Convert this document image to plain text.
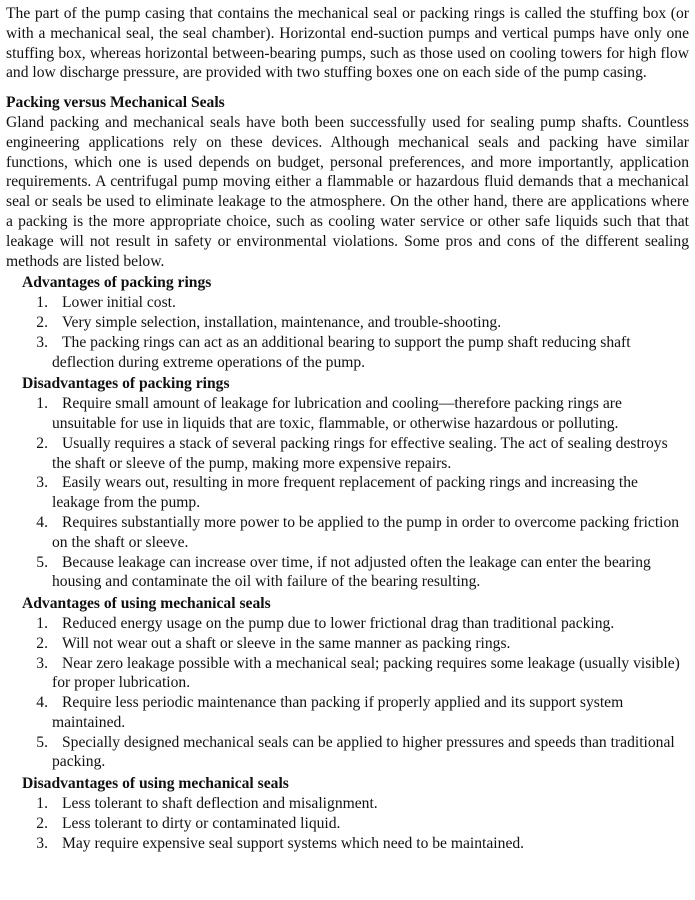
The part of the pump casing that contains the mechanical seal or packing rings is called the stuffing box (or with a mechanical seal, the seal chamber). Horizontal end-suction pumps and vertical pumps have only one stuffing box, whereas horizontal between-bearing pumps, such as those used on cooling towers for high flow and low discharge pressure, are provided with two stuffing boxes one on each side of the pump casing.

Packing versus Mechanical Seals

Gland packing and mechanical seals have both been successfully used for sealing pump shafts. Countless engineering applications rely on these devices. Although mechanical seals and packing have similar functions, which one is used depends on budget, personal preferences, and more importantly, application requirements. A centrifugal pump moving either a flammable or hazardous fluid demands that a mechanical seal or seals be used to eliminate leakage to the atmosphere. On the other hand, there are applications where a packing is the more appropriate choice, such as cooling water service or other safe liquids such that that leakage will not result in safety or environmental violations. Some pros and cons of the different sealing methods are listed below.

Advantages of packing rings
1. Lower initial cost.
2. Very simple selection, installation, maintenance, and trouble-shooting.
3. The packing rings can act as an additional bearing to support the pump shaft reducing shaft deflection during extreme operations of the pump.
Disadvantages of packing rings
1. Require small amount of leakage for lubrication and cooling—therefore packing rings are unsuitable for use in liquids that are toxic, flammable, or otherwise hazardous or polluting.
2. Usually requires a stack of several packing rings for effective sealing. The act of sealing destroys the shaft or sleeve of the pump, making more expensive repairs.
3. Easily wears out, resulting in more frequent replacement of packing rings and increasing the leakage from the pump.
4. Requires substantially more power to be applied to the pump in order to overcome packing friction on the shaft or sleeve.
5. Because leakage can increase over time, if not adjusted often the leakage can enter the bearing housing and contaminate the oil with failure of the bearing resulting.
Advantages of using mechanical seals
1. Reduced energy usage on the pump due to lower frictional drag than traditional packing.
2. Will not wear out a shaft or sleeve in the same manner as packing rings.
3. Near zero leakage possible with a mechanical seal; packing requires some leakage (usually visible) for proper lubrication.
4. Require less periodic maintenance than packing if properly applied and its support system maintained.
5. Specially designed mechanical seals can be applied to higher pressures and speeds than traditional packing.
Disadvantages of using mechanical seals
1. Less tolerant to shaft deflection and misalignment.
2. Less tolerant to dirty or contaminated liquid.
3. May require expensive seal support systems which need to be maintained.
